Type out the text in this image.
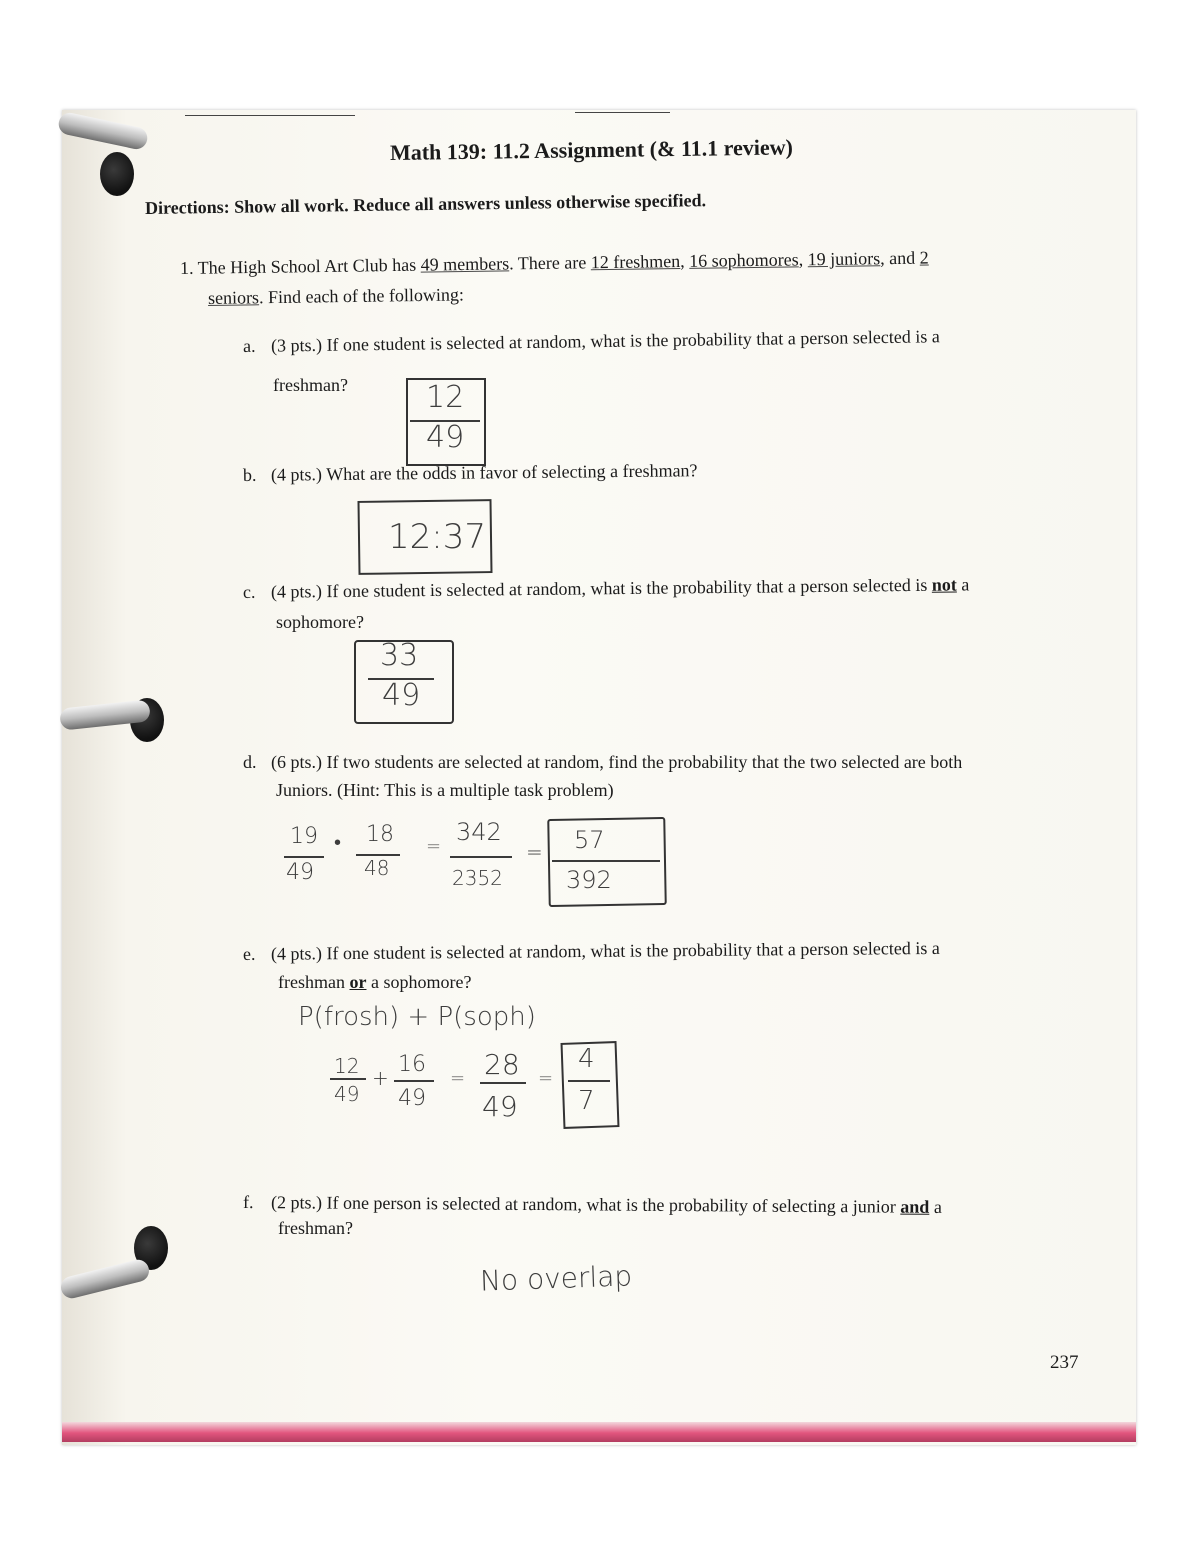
Math 139: 11.2 Assignment (& 11.1 review)
Directions: Show all work. Reduce all answers unless otherwise specified.
1. The High School Art Club has 49 members. There are 12 freshmen, 16 sophomores, 19 juniors, and 2
seniors. Find each of the following:
a. (3 pts.) If one student is selected at random, what is the probability that a person selected is a
freshman?	12
49
b. (4 pts.) What are the odds in favor of selecting a freshman?
12:37
c. (4 pts.) If one student is selected at random, what is the probability that a person selected is not a
sophomore?
33
49
d. (6 pts.) If two students are selected at random, find the probability that the two selected are both
Juniors. (Hint: This is a multiple task problem)
19
49
• 18
48
=
342
2352
= 57
392
e. (4 pts.) If one student is selected at random, what is the probability that a person selected is a
freshman or a sophomore?
P(frosh) + P(soph)
12
49
+
16
49
= 28
49
=
4
7
f. (2 pts.) If one person is selected at random, what is the probability of selecting a junior and a
freshman?
No overlap
237
